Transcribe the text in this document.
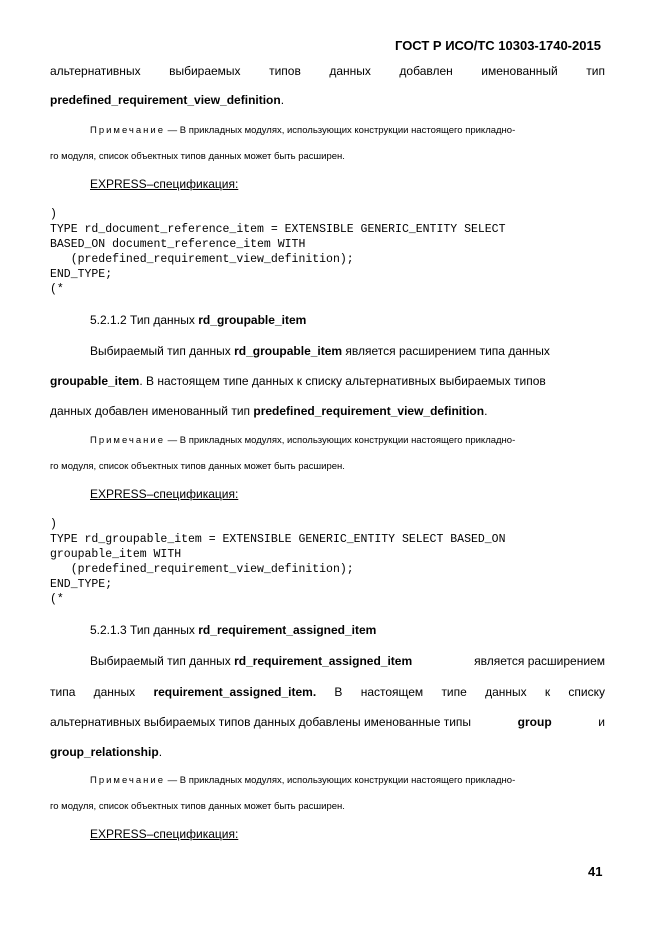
ГОСТ Р ИСО/ТС 10303-1740-2015
альтернативных выбираемых типов данных добавлен именованный тип
predefined_requirement_view_definition.
Примечание — В прикладных модулях, использующих конструкции настоящего прикладно-
го модуля, список объектных типов данных может быть расширен.
EXPRESS–спецификация:
)
TYPE rd_document_reference_item = EXTENSIBLE GENERIC_ENTITY SELECT
BASED_ON document_reference_item WITH
(predefined_requirement_view_definition);
END_TYPE;
(*
5.2.1.2 Тип данных rd_groupable_item
Выбираемый тип данных rd_groupable_item является расширением типа данных
groupable_item. В настоящем типе данных к списку альтернативных выбираемых типов
данных добавлен именованный тип predefined_requirement_view_definition.
Примечание — В прикладных модулях, использующих конструкции настоящего прикладно-
го модуля, список объектных типов данных может быть расширен.
EXPRESS–спецификация:
)
TYPE rd_groupable_item = EXTENSIBLE GENERIC_ENTITY SELECT BASED_ON
groupable_item WITH
(predefined_requirement_view_definition);
END_TYPE;
(*
5.2.1.3 Тип данных rd_requirement_assigned_item
Выбираемый тип данных rd_requirement_assigned_item	является расширением
типа данных requirement_assigned_item. В настоящем типе данных к списку
альтернативных выбираемых типов данных добавлены именованные типы	group	и
group_relationship.
Примечание — В прикладных модулях, использующих конструкции настоящего прикладно-
го модуля, список объектных типов данных может быть расширен.
EXPRESS–спецификация:
41
